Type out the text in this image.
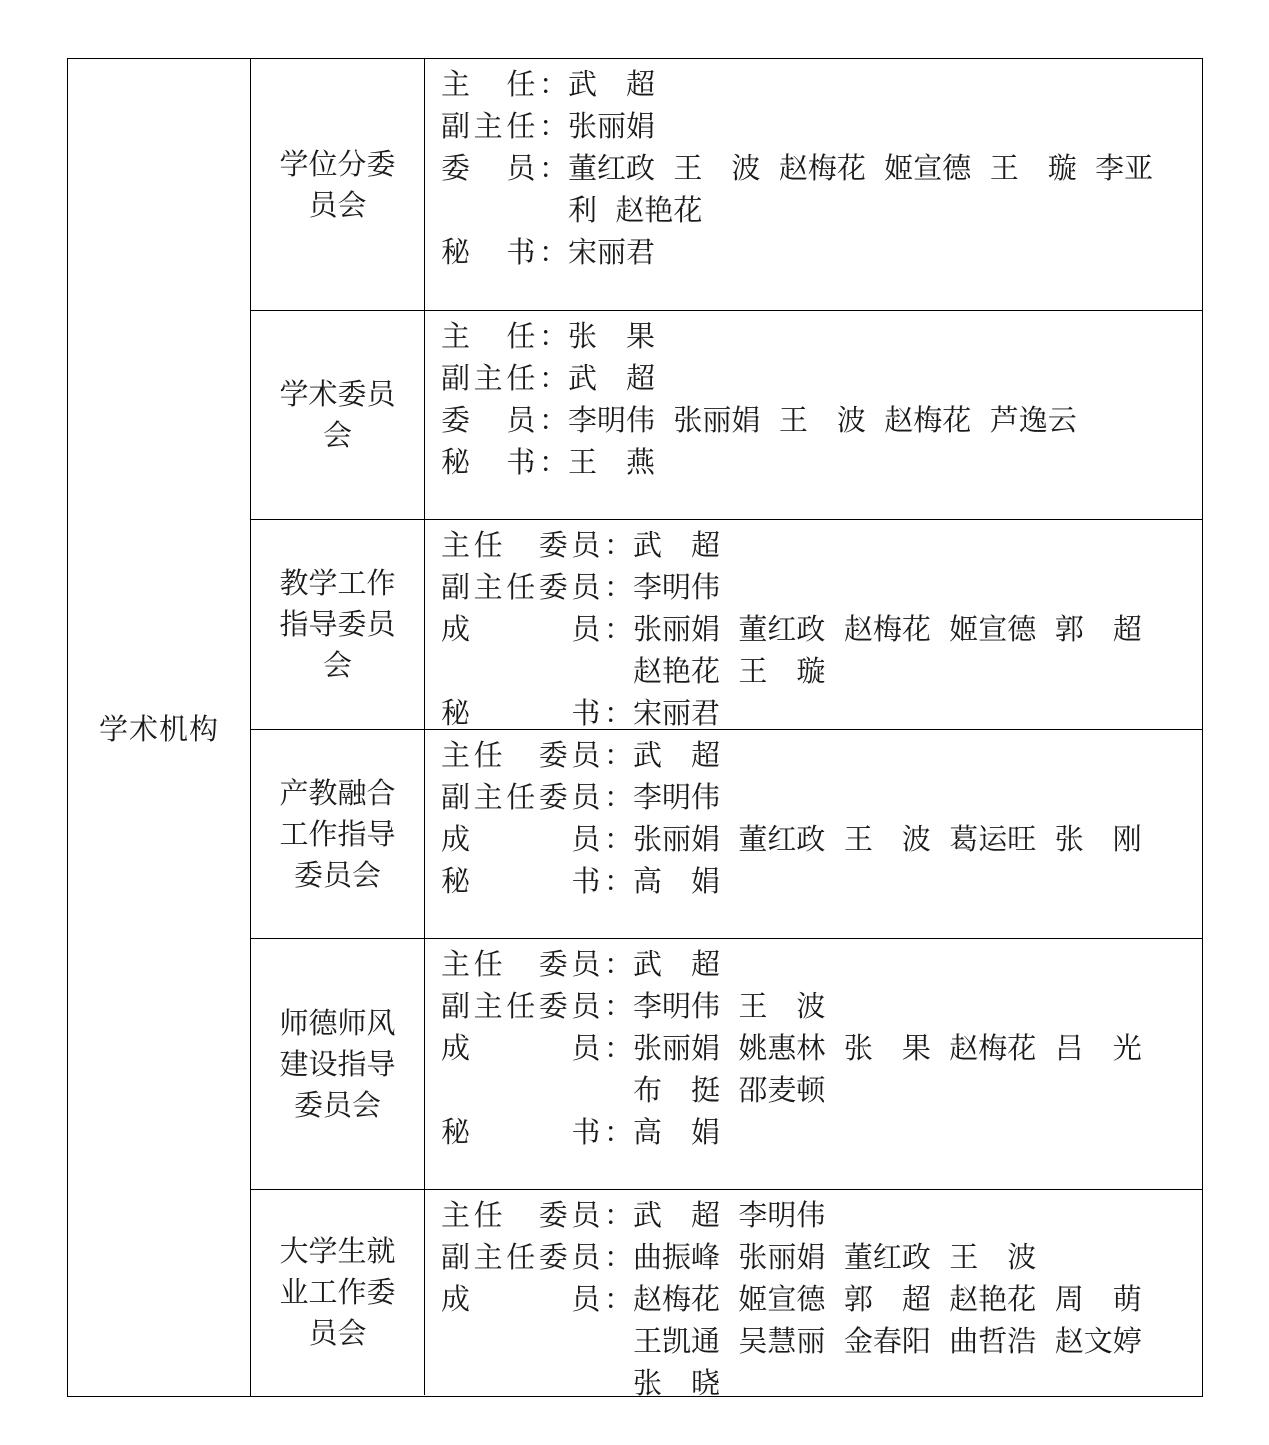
学术机构
学位分委员会
主　任： 武　超
副主任： 张丽娟
委　员： 董红政  王　波  赵梅花  姬宣德  王　璇  李亚
利  赵艳花
秘　书： 宋丽君
学术委员会
主　任： 张　果
副主任： 武　超
委　员： 李明伟  张丽娟  王　波  赵梅花  芦逸云
秘　书： 王　燕
教学工作指导委员会
主任　委员： 武　超
副主任委员： 李明伟
成　　　员： 张丽娟  董红政  赵梅花  姬宣德  郭　超
赵艳花  王　璇
秘　　　书： 宋丽君
产教融合工作指导委员会
主任　委员： 武　超
副主任委员： 李明伟
成　　　员： 张丽娟  董红政  王　波  葛运旺  张　刚
秘　　　书： 高　娟
师德师风建设指导委员会
主任　委员： 武　超
副主任委员： 李明伟  王　波
成　　　员： 张丽娟  姚惠林  张　果  赵梅花  吕　光
布　挺  邵麦顿
秘　　　书： 高　娟
大学生就业工作委员会
主任　委员： 武　超  李明伟
副主任委员： 曲振峰  张丽娟  董红政  王　波
成　　　员： 赵梅花  姬宣德  郭　超  赵艳花  周　萌
王凯通  吴慧丽  金春阳  曲哲浩  赵文婷
张　晓
